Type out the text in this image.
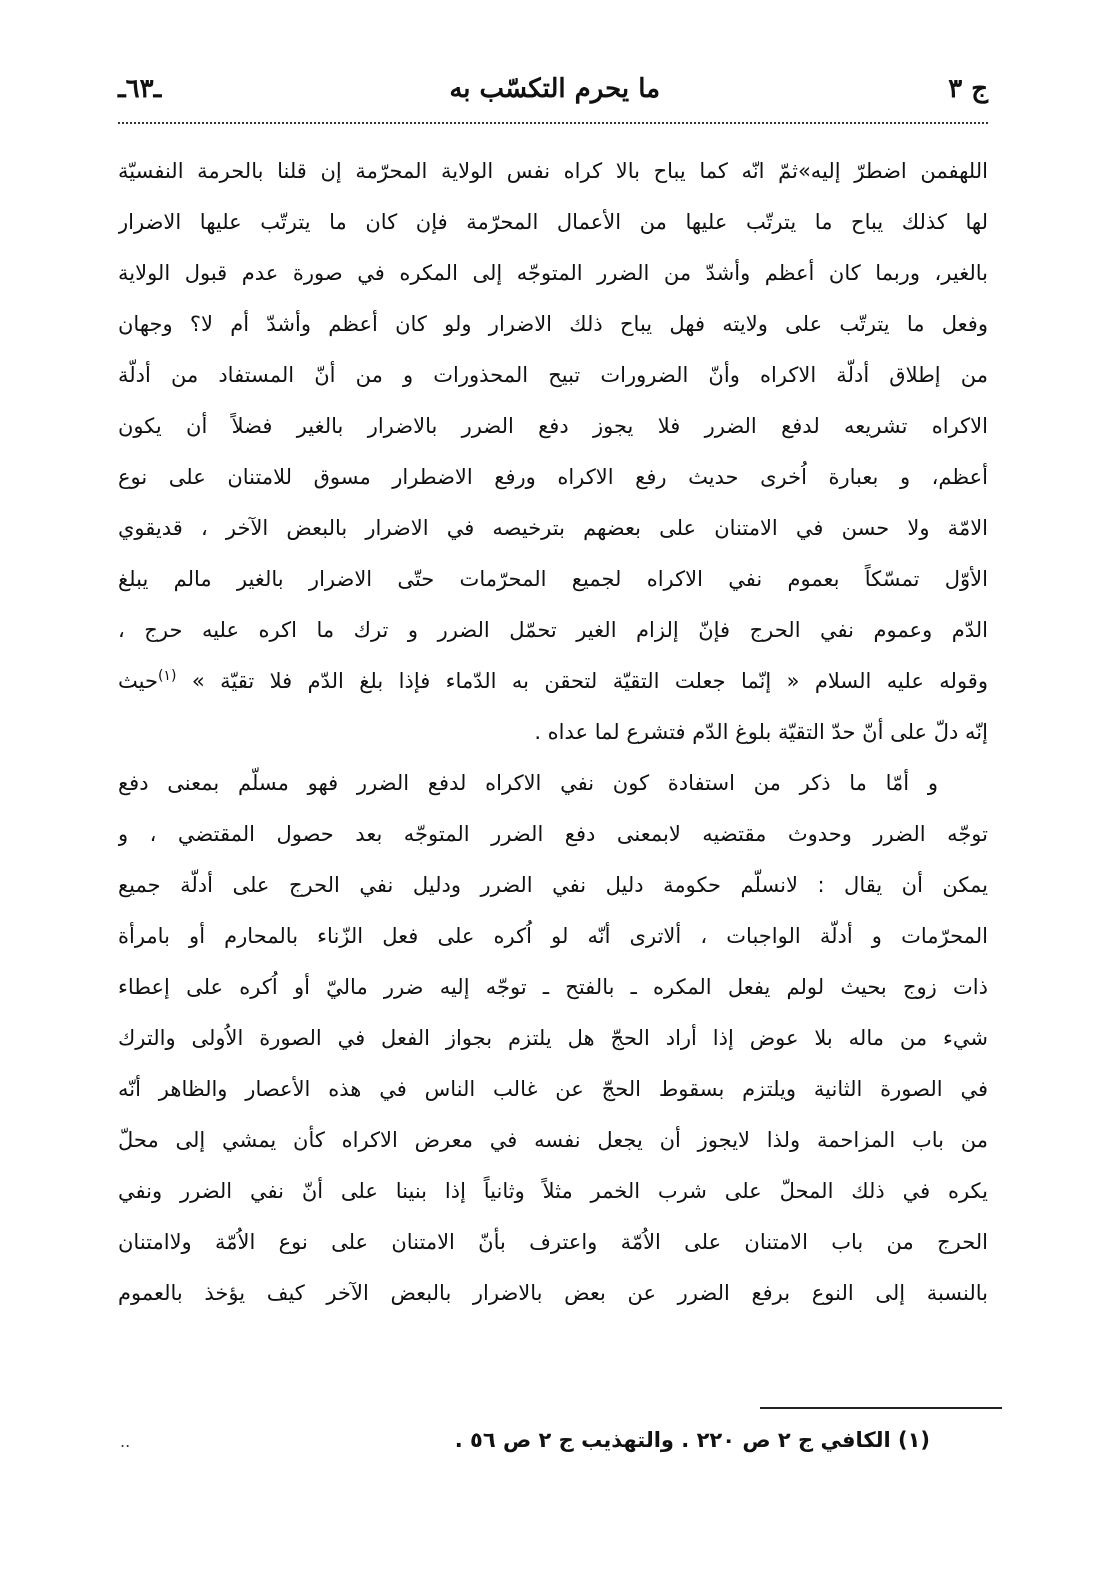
ج ٣
ما يحرم التكسّب به
ـ٦٣ـ
اللهفمن اضطرّ إليه»ثمّ انّه كما يباح بالا كراه نفس الولاية المحرّمة إن قلنا بالحرمة النفسيّة
لها كذلك يباح ما يترتّب عليها من الأعمال المحرّمة فإن كان ما يترتّب عليها الاضرار
بالغير، وربما كان أعظم وأشدّ من الضرر المتوجّه إلى المكره في صورة عدم قبول الولاية
وفعل ما يترتّب على ولايته فهل يباح ذلك الاضرار ولو كان أعظم وأشدّ أم لا؟ وجهان
من إطلاق أدلّة الاكراه وأنّ الضرورات تبيح المحذورات و من أنّ المستفاد من أدلّة
الاكراه تشريعه لدفع الضرر فلا يجوز دفع الضرر بالاضرار بالغير فضلاً أن يكون
أعظم، و بعبارة اُخرى حديث رفع الاكراه ورفع الاضطرار مسوق للامتنان على نوع
الامّة ولا حسن في الامتنان على بعضهم بترخيصه في الاضرار بالبعض الآخر ، قديقوي
الأوّل تمسّكاً بعموم نفي الاكراه لجميع المحرّمات حتّى الاضرار بالغير مالم يبلغ
الدّم وعموم نفي الحرج فإنّ إلزام الغير تحمّل الضرر و ترك ما اكره عليه حرج ،
وقوله عليه السلام « إنّما جعلت التقيّة لتحقن به الدّماء فإذا بلغ الدّم فلا تقيّة » $^{(١)}$حيث
إنّه دلّ على أنّ حدّ التقيّة بلوغ الدّم فتشرع لما عداه .
و أمّا ما ذكر من استفادة كون نفي الاكراه لدفع الضرر فهو مسلّم بمعنى دفع
توجّه الضرر وحدوث مقتضيه لابمعنى دفع الضرر المتوجّه بعد حصول المقتضي ، و
يمكن أن يقال : لانسلّم حكومة دليل نفي الضرر ودليل نفي الحرج على أدلّة جميع
المحرّمات و أدلّة الواجبات ، ألاترى أنّه لو اُكره على فعل الزّناء بالمحارم أو بامرأة
ذات زوج بحيث لولم يفعل المكره ـ بالفتح ـ توجّه إليه ضرر ماليّ أو اُكره على إعطاء
شيء من ماله بلا عوض إذا أراد الحجّ هل يلتزم بجواز الفعل في الصورة الاُولى والترك
في الصورة الثانية ويلتزم بسقوط الحجّ عن غالب الناس في هذه الأعصار والظاهر أنّه
من باب المزاحمة ولذا لايجوز أن يجعل نفسه في معرض الاكراه كأن يمشي إلى محلّ
يكره في ذلك المحلّ على شرب الخمر مثلاً وثانياً إذا بنينا على أنّ نفي الضرر ونفي
الحرج من باب الامتنان على الاُمّة واعترف بأنّ الامتنان على نوع الاُمّة ولاامتنان
بالنسبة إلى النوع برفع الضرر عن بعض بالاضرار بالبعض الآخر كيف يؤخذ بالعموم
(١) الكافي ج ٢ ص ٢٢٠ . والتهذيب ج ٢ ص ٥٦ .
..
